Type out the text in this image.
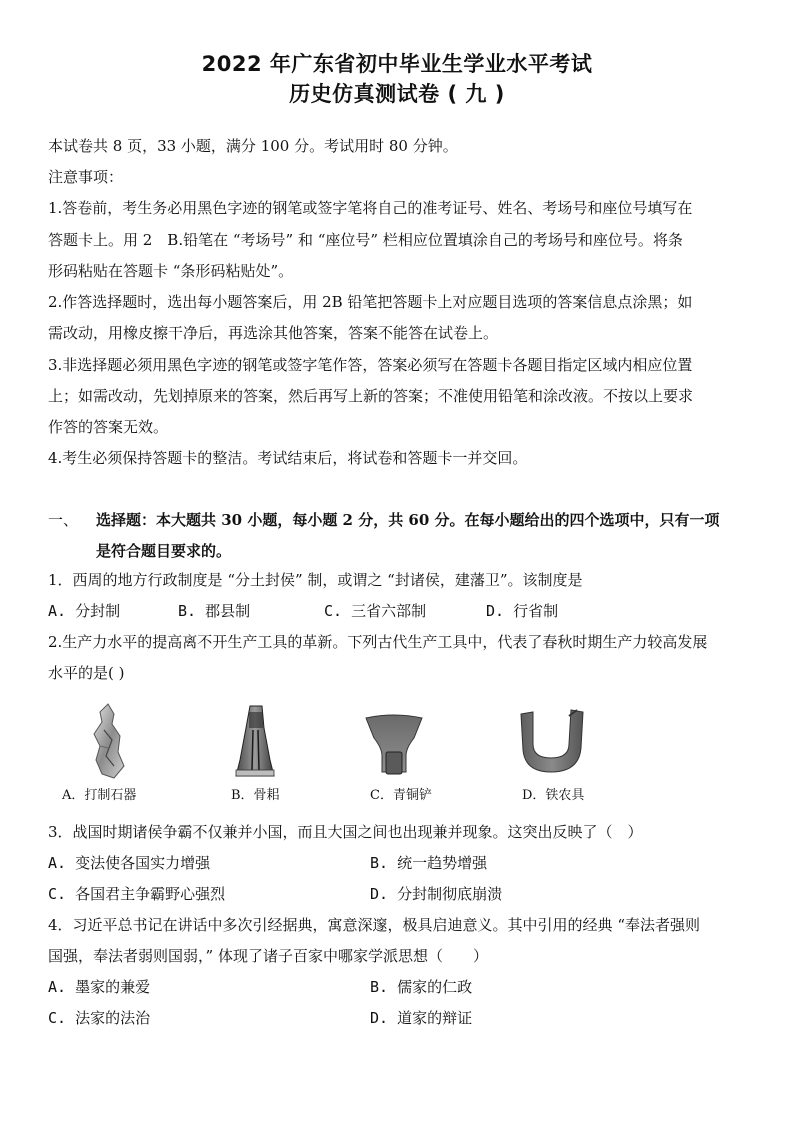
2022 年广东省初中毕业生学业水平考试
历史仿真测试卷 ( 九 )
本试卷共 8 页，33 小题，满分 100 分。考试用时 80 分钟。
注意事项：
1.答卷前，考生务必用黑色字迹的钢笔或签字笔将自己的准考证号、姓名、考场号和座位号填写在
答题卡上。用 2　B.铅笔在 “考场号” 和 “座位号” 栏相应位置填涂自己的考场号和座位号。将条
形码粘贴在答题卡 “条形码粘贴处”。
2.作答选择题时，选出每小题答案后，用 2B 铅笔把答题卡上对应题目选项的答案信息点涂黑；如
需改动，用橡皮擦干净后，再选涂其他答案，答案不能答在试卷上。
3.非选择题必须用黑色字迹的钢笔或签字笔作答，答案必须写在答题卡各题目指定区域内相应位置
上；如需改动，先划掉原来的答案，然后再写上新的答案；不准使用铅笔和涂改液。不按以上要求
作答的答案无效。
4.考生必须保持答题卡的整洁。考试结束后，将试卷和答题卡一并交回。
一、 选择题：本大题共 30 小题，每小题 2 分，共 60 分。在每小题给出的四个选项中，只有一项
是符合题目要求的。
1．西周的地方行政制度是 “分土封侯” 制，或谓之 “封诸侯，建藩卫”。该制度是
A. 分封制	B. 郡县制	C. 三省六部制	D. 行省制
2.生产力水平的提高离不开生产工具的革新。下列古代生产工具中，代表了春秋时期生产力较高发展
水平的是( )
A．打制石器	B．骨耜	C．青铜铲	D．铁农具
3．战国时期诸侯争霸不仅兼并小国，而且大国之间也出现兼并现象。这突出反映了（　）
A. 变法使各国实力增强	B. 统一趋势增强
C. 各国君主争霸野心强烈	D. 分封制彻底崩溃
4．习近平总书记在讲话中多次引经据典，寓意深邃，极具启迪意义。其中引用的经典 “奉法者强则
国强，奉法者弱则国弱，” 体现了诸子百家中哪家学派思想（　　）
A. 墨家的兼爱	B. 儒家的仁政
C. 法家的法治	D. 道家的辩证
